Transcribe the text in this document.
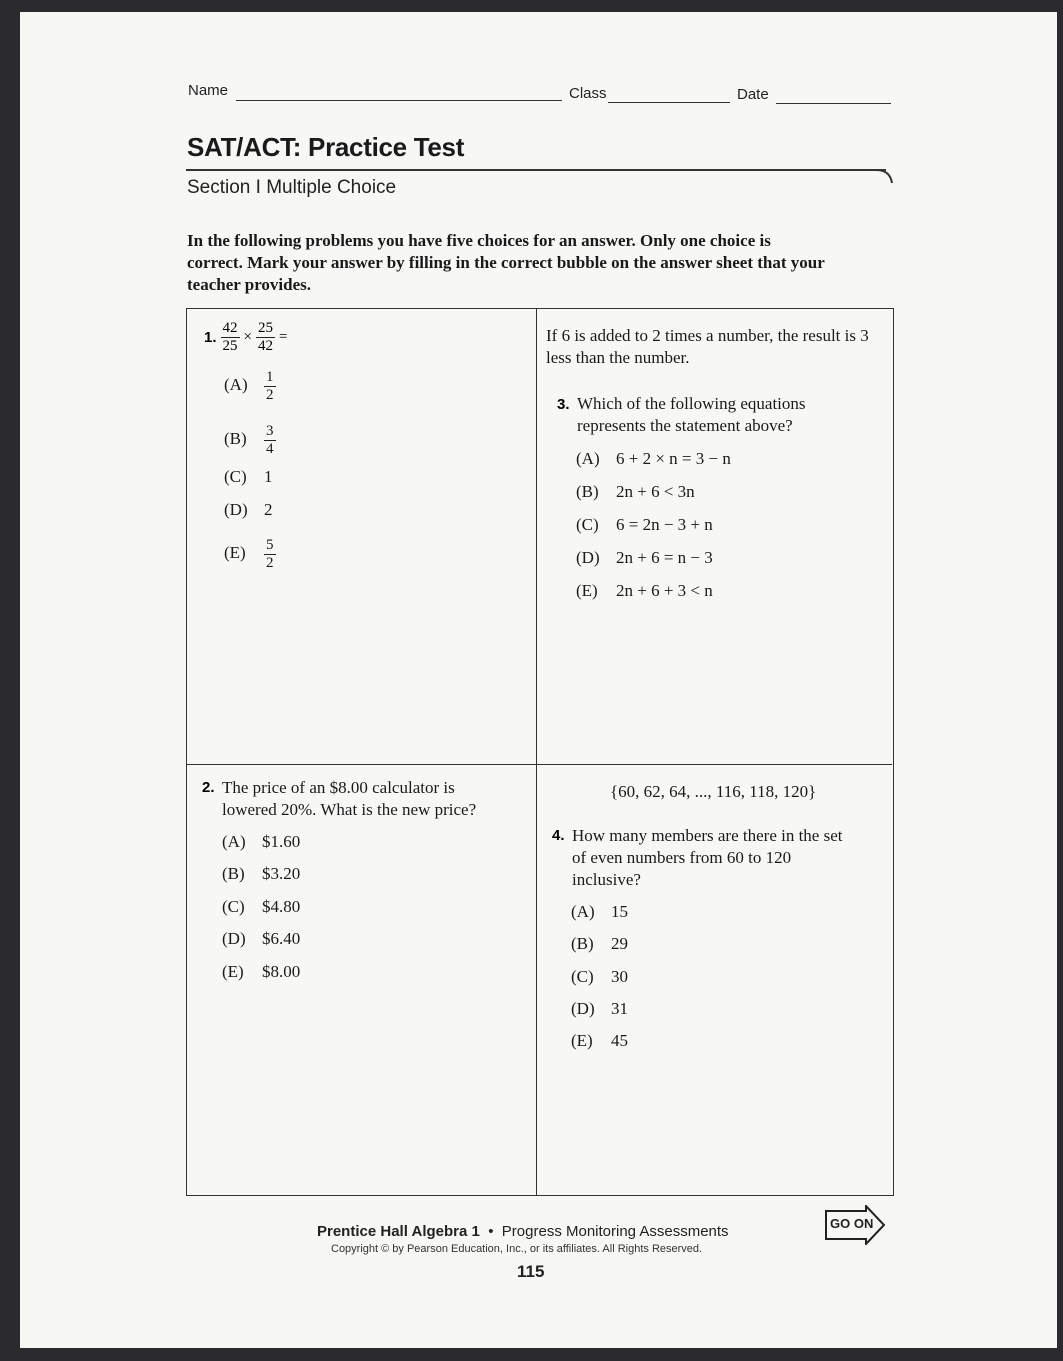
Name	Class	Date
SAT/ACT: Practice Test
Section I Multiple Choice
In the following problems you have five choices for an answer. Only one choice is correct. Mark your answer by filling in the correct bubble on the answer sheet that your teacher provides.
1. $\frac{42}{25} \times \frac{25}{42}$ =
$(A) \frac{1}{2}$
$(B) \frac{3}{4}$
(C) 1
(D) 2
$(E) \frac{5}{2}$
If 6 is added to 2 times a number, the result is 3 less than the number.
3. Which of the following equations represents the statement above?
(A) 6 + 2 × n = 3 − n
(B) 2n + 6 < 3n
(C) 6 = 2n − 3 + n
(D) 2n + 6 = n − 3
(E) 2n + 6 + 3 < n
2. The price of an $8.00 calculator is lowered 20%. What is the new price?
(A) $1.60
(B) $3.20
(C) $4.80
(D) $6.40
(E) $8.00
{60, 62, 64, ..., 116, 118, 120}
4. How many members are there in the set of even numbers from 60 to 120 inclusive?
(A) 15
(B) 29
(C) 30
(D) 31
(E) 45
Prentice Hall Algebra 1 • Progress Monitoring Assessments
Copyright © by Pearson Education, Inc., or its affiliates. All Rights Reserved.
115
GO ON
